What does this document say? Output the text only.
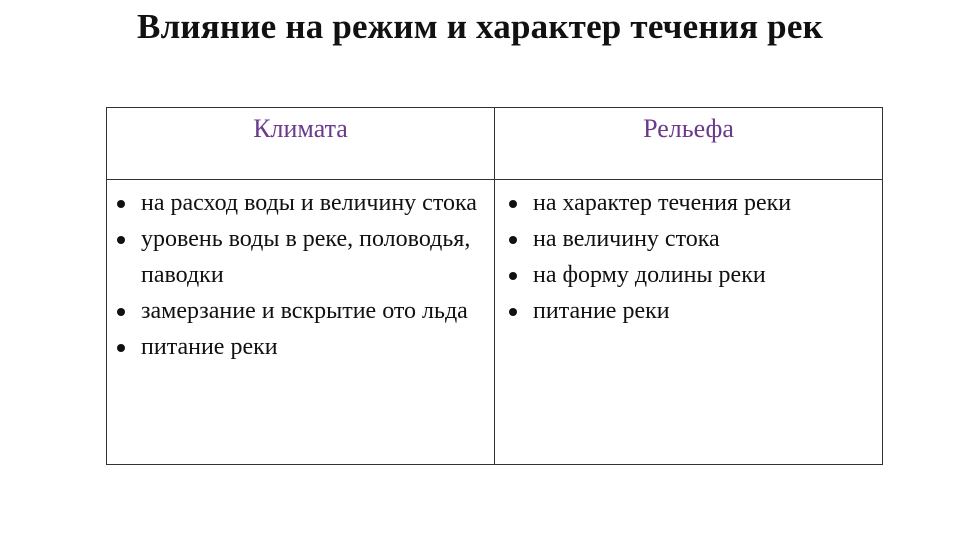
Влияние на режим и характер течения рек
Климата	Рельефа
на расход воды и величину стока
уровень воды в реке, половодья, паводки
замерзание и вскрытие ото льда
питание реки
на характер течения реки
на величину стока
на форму долины реки
питание реки
